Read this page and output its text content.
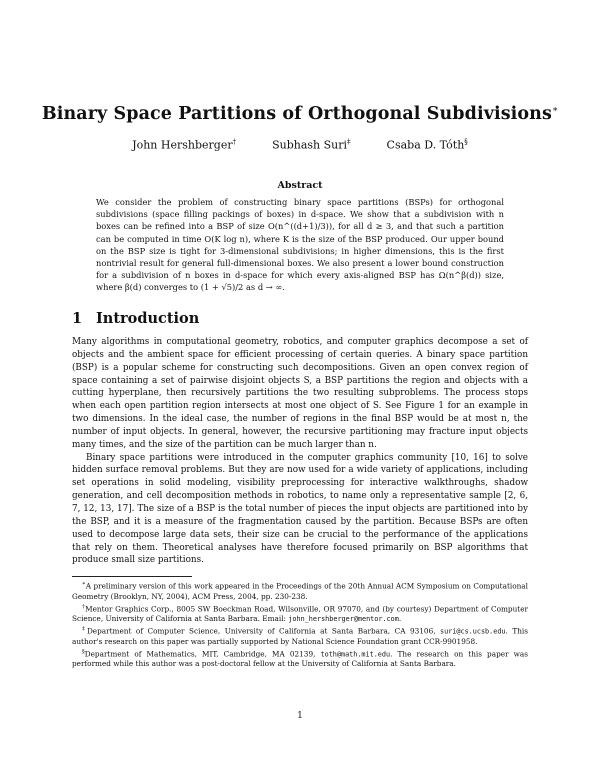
Binary Space Partitions of Orthogonal Subdivisions∗
John Hershberger†	Subhash Suri‡	Csaba D. Tóth§
Abstract
We consider the problem of constructing binary space partitions (BSPs) for orthogonal subdivisions (space filling packings of boxes) in d-space. We show that a subdivision with n boxes can be refined into a BSP of size O(n^((d+1)/3)), for all d ≥ 3, and that such a partition can be computed in time O(K log n), where K is the size of the BSP produced. Our upper bound on the BSP size is tight for 3-dimensional subdivisions; in higher dimensions, this is the first nontrivial result for general full-dimensional boxes. We also present a lower bound construction for a subdivision of n boxes in d-space for which every axis-aligned BSP has Ω(n^β(d)) size, where β(d) converges to (1 + √5)/2 as d → ∞.
1 Introduction

Many algorithms in computational geometry, robotics, and computer graphics decompose a set of objects and the ambient space for efficient processing of certain queries. A binary space partition (BSP) is a popular scheme for constructing such decompositions. Given an open convex region of space containing a set of pairwise disjoint objects S, a BSP partitions the region and objects with a cutting hyperplane, then recursively partitions the two resulting subproblems. The process stops when each open partition region intersects at most one object of S. See Figure 1 for an example in two dimensions. In the ideal case, the number of regions in the final BSP would be at most n, the number of input objects. In general, however, the recursive partitioning may fracture input objects many times, and the size of the partition can be much larger than n.

Binary space partitions were introduced in the computer graphics community [10, 16] to solve hidden surface removal problems. But they are now used for a wide variety of applications, including set operations in solid modeling, visibility preprocessing for interactive walkthroughs, shadow generation, and cell decomposition methods in robotics, to name only a representative sample [2, 6, 7, 12, 13, 17]. The size of a BSP is the total number of pieces the input objects are partitioned into by the BSP, and it is a measure of the fragmentation caused by the partition. Because BSPs are often used to decompose large data sets, their size can be crucial to the performance of the applications that rely on them. Theoretical analyses have therefore focused primarily on BSP algorithms that produce small size partitions.

∗A preliminary version of this work appeared in the Proceedings of the 20th Annual ACM Symposium on Computational Geometry (Brooklyn, NY, 2004), ACM Press, 2004, pp. 230-238.

†Mentor Graphics Corp., 8005 SW Boeckman Road, Wilsonville, OR 97070, and (by courtesy) Department of Computer Science, University of California at Santa Barbara. Email: john_hershberger@mentor.com.

‡Department of Computer Science, University of California at Santa Barbara, CA 93106, suri@cs.ucsb.edu. This author's research on this paper was partially supported by National Science Foundation grant CCR-9901958.

§Department of Mathematics, MIT, Cambridge, MA 02139, toth@math.mit.edu. The research on this paper was performed while this author was a post-doctoral fellow at the University of California at Santa Barbara.

1
